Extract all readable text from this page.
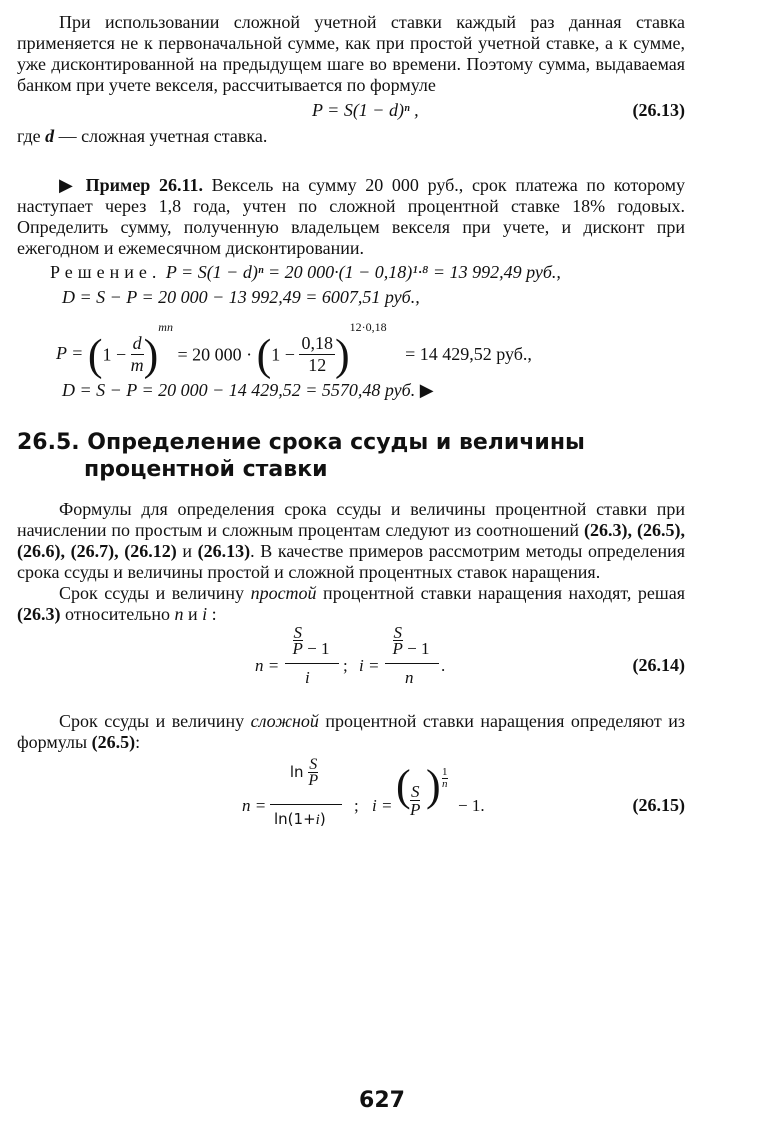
При использовании сложной учетной ставки каждый раз данная ставка применяется не к первоначальной сумме, как при простой учетной ставке, а к сумме, уже дисконтированной на предыдущем шаге во времени. Поэтому сумма, выдаваемая банком при учете векселя, рассчитывается по формуле

P = S(1 − d)ⁿ ,	(26.13)

где d — сложная учетная ставка.

▶ Пример 26.11. Вексель на сумму 20 000 руб., срок платежа по которому наступает через 1,8 года, учтен по сложной процентной ставке 18% годовых. Определить сумму, полученную владельцем векселя при учете, и дисконт при ежегодном и ежемесячном дисконтировании.

Решение. P = S(1 − d)ⁿ = 20 000·(1 − 0,18)¹·⁸ = 13 992,49 руб.,
D = S − P = 20 000 − 13 992,49 = 6007,51 руб.,
$P = (1 - \frac{d}{m} )^{mn} = 20$ $000 \cdot (1 - \frac{0,18}{12} )^{12\cdot 0,18} = 14$ 429,52 руб.,
D = S − P = 20 000 − 14 429,52 = 5570,48 руб. ▶
26.5. Определение срока ссуды и величины
процентной ставки

Формулы для определения срока ссуды и величины процентной ставки при начислении по простым и сложным процентам следуют из соотношений (26.3), (26.5), (26.6), (26.7), (26.12) и (26.13). В качестве примеров рассмотрим методы определения срока ссуды и величины простой и сложной процентных ставок наращения.

Срок ссуды и величину простой процентной ставки наращения находят, решая (26.3) относительно n и i :

n =
$\frac{S}{P} - 1$
i
; i =
$\frac{S}{P} - 1$
n
.	(26.14)

Срок ссуды и величину сложной процентной ставки наращения определяют из формулы (26.5):

n =
$\ln \frac{S}{P}$
ln(1+i)
; i = ( S
P ) 1
n
− 1.	(26.15)
627
